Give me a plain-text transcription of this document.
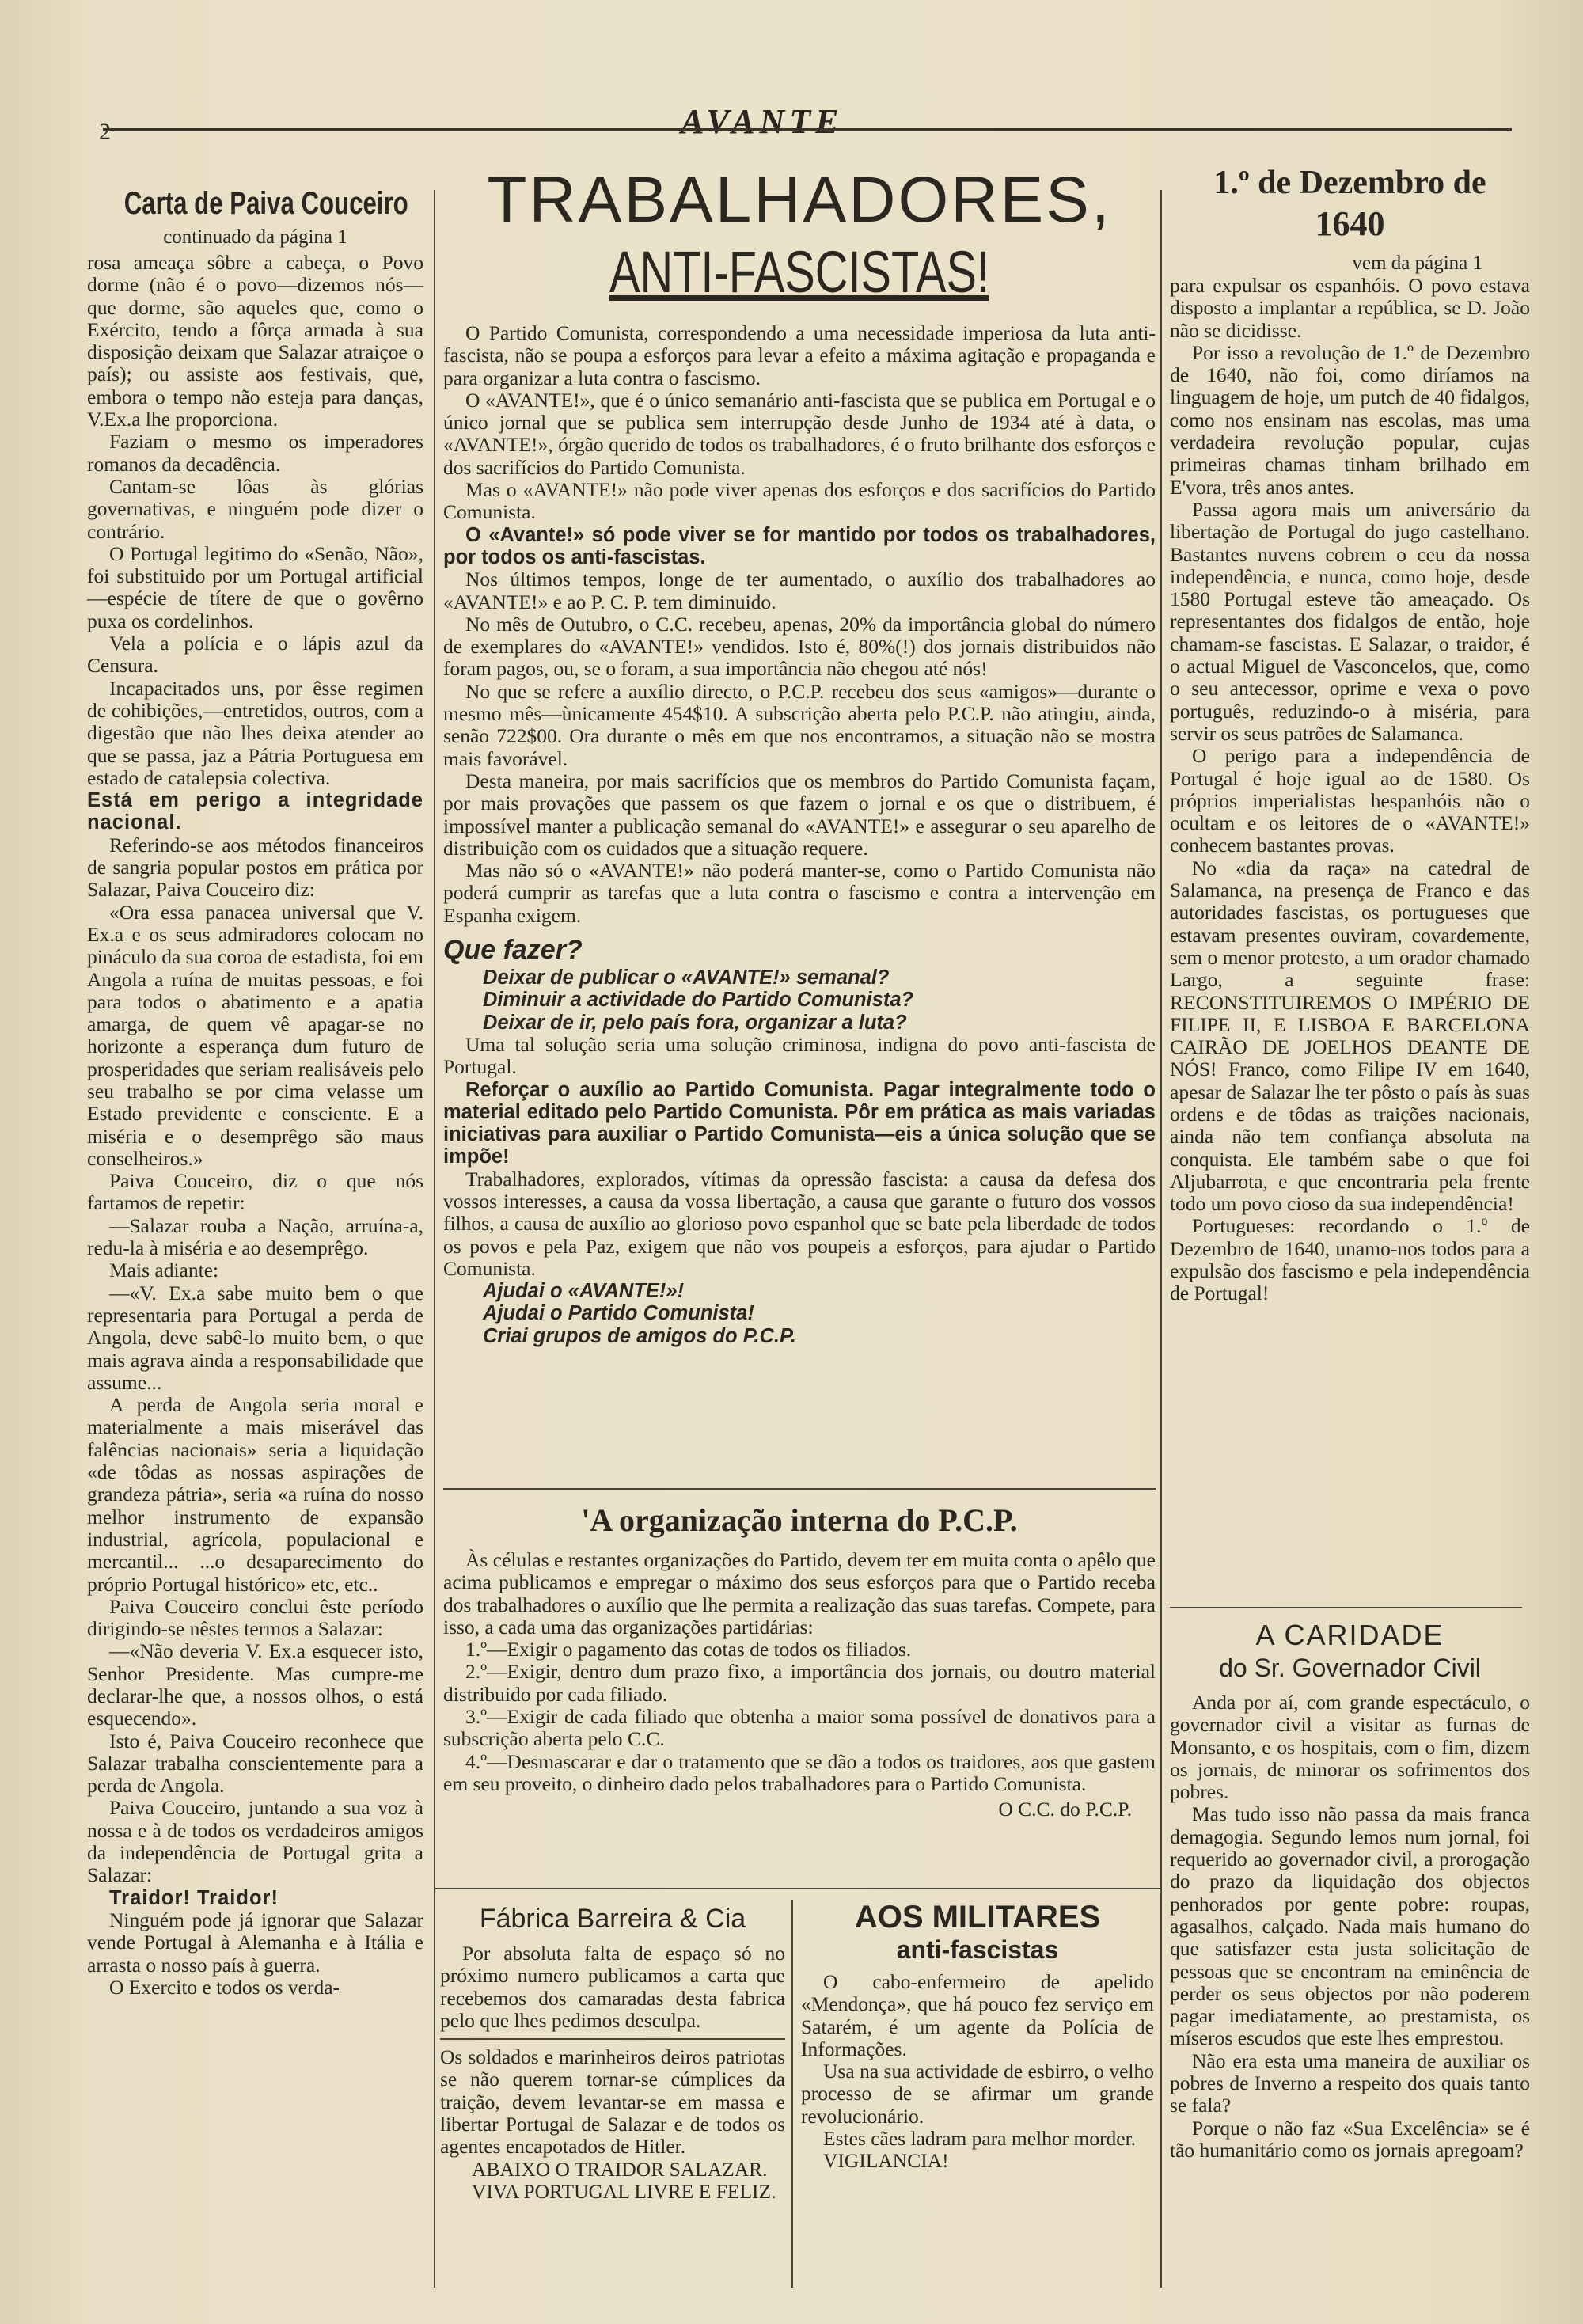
2	AVANTE
Carta de Paiva Couceiro
continuado da página 1

rosa ameaça sôbre a cabeça, o Povo dorme (não é o povo—dizemos nós—que dorme, são aqueles que, como o Exército, tendo a fôrça armada à sua disposição deixam que Salazar atraiçoe o país); ou assiste aos festivais, que, embora o tempo não esteja para danças, V.Ex.a lhe proporciona.

Faziam o mesmo os imperadores romanos da decadência.

Cantam-se lôas às glórias governativas, e ninguém pode dizer o contrário.

O Portugal legitimo do «Senão, Não», foi substituido por um Portugal artificial—espécie de títere de que o govêrno puxa os cordelinhos.

Vela a polícia e o lápis azul da Censura.

Incapacitados uns, por êsse regimen de cohibições,—entretidos, outros, com a digestão que não lhes deixa atender ao que se passa, jaz a Pátria Portuguesa em estado de catalepsia colectiva.

Está em perigo a integridade nacional.

Referindo-se aos métodos financeiros de sangria popular postos em prática por Salazar, Paiva Couceiro diz:

«Ora essa panacea universal que V. Ex.a e os seus admiradores colocam no pináculo da sua coroa de estadista, foi em Angola a ruína de muitas pessoas, e foi para todos o abatimento e a apatia amarga, de quem vê apagar-se no horizonte a esperança dum futuro de prosperidades que seriam realisáveis pelo seu trabalho se por cima velasse um Estado previdente e consciente. E a miséria e o desemprêgo são maus conselheiros.»

Paiva Couceiro, diz o que nós fartamos de repetir:

—Salazar rouba a Nação, arruína-a, redu-la à miséria e ao desemprêgo.

Mais adiante:

—«V. Ex.a sabe muito bem o que representaria para Portugal a perda de Angola, deve sabê-lo muito bem, o que mais agrava ainda a responsabilidade que assume...

A perda de Angola seria moral e materialmente a mais miserável das falências nacionais» seria a liquidação «de tôdas as nossas aspirações de grandeza pátria», seria «a ruína do nosso melhor instrumento de expansão industrial, agrícola, populacional e mercantil... ...o desaparecimento do próprio Portugal histórico» etc, etc..

Paiva Couceiro conclui êste período dirigindo-se nêstes termos a Salazar:

—«Não deveria V. Ex.a esquecer isto, Senhor Presidente. Mas cumpre-me declarar-lhe que, a nossos olhos, o está esquecendo».

Isto é, Paiva Couceiro reconhece que Salazar trabalha conscientemente para a perda de Angola.

Paiva Couceiro, juntando a sua voz à nossa e à de todos os verdadeiros amigos da independência de Portugal grita a Salazar:

Traidor! Traidor!

Ninguém pode já ignorar que Salazar vende Portugal à Alemanha e à Itália e arrasta o nosso país à guerra.

O Exercito e todos os verda-

TRABALHADORES,
ANTI-FASCISTAS!

O Partido Comunista, correspondendo a uma necessidade imperiosa da luta anti-fascista, não se poupa a esforços para levar a efeito a máxima agitação e propaganda e para organizar a luta contra o fascismo.

O «AVANTE!», que é o único semanário anti-fascista que se publica em Portugal e o único jornal que se publica sem interrupção desde Junho de 1934 até à data, o «AVANTE!», órgão querido de todos os trabalhadores, é o fruto brilhante dos esforços e dos sacrifícios do Partido Comunista.

Mas o «AVANTE!» não pode viver apenas dos esforços e dos sacrifícios do Partido Comunista.

O «Avante!» só pode viver se for mantido por todos os trabalhadores, por todos os anti-fascistas.

Nos últimos tempos, longe de ter aumentado, o auxílio dos trabalhadores ao «AVANTE!» e ao P. C. P. tem diminuido.

No mês de Outubro, o C.C. recebeu, apenas, 20% da importância global do número de exemplares do «AVANTE!» vendidos. Isto é, 80%(!) dos jornais distribuidos não foram pagos, ou, se o foram, a sua importância não chegou até nós!

No que se refere a auxílio directo, o P.C.P. recebeu dos seus «amigos»—durante o mesmo mês—ùnicamente 454$10. A subscrição aberta pelo P.C.P. não atingiu, ainda, senão 722$00. Ora durante o mês em que nos encontramos, a situação não se mostra mais favorável.

Desta maneira, por mais sacrifícios que os membros do Partido Comunista façam, por mais provações que passem os que fazem o jornal e os que o distribuem, é impossível manter a publicação semanal do «AVANTE!» e assegurar o seu aparelho de distribuição com os cuidados que a situação requere.

Mas não só o «AVANTE!» não poderá manter-se, como o Partido Comunista não poderá cumprir as tarefas que a luta contra o fascismo e contra a intervenção em Espanha exigem.

Que fazer?

Deixar de publicar o «AVANTE!» semanal?

Diminuir a actividade do Partido Comunista?

Deixar de ir, pelo país fora, organizar a luta?

Uma tal solução seria uma solução criminosa, indigna do povo anti-fascista de Portugal.

Reforçar o auxílio ao Partido Comunista. Pagar integralmente todo o material editado pelo Partido Comunista. Pôr em prática as mais variadas iniciativas para auxiliar o Partido Comunista—eis a única solução que se impõe!

Trabalhadores, explorados, vítimas da opressão fascista: a causa da defesa dos vossos interesses, a causa da vossa libertação, a causa que garante o futuro dos vossos filhos, a causa de auxílio ao glorioso povo espanhol que se bate pela liberdade de todos os povos e pela Paz, exigem que não vos poupeis a esforços, para ajudar o Partido Comunista.

Ajudai o «AVANTE!»!

Ajudai o Partido Comunista!

Criai grupos de amigos do P.C.P.

'A organização interna do P.C.P.

Às células e restantes organizações do Partido, devem ter em muita conta o apêlo que acima publicamos e empregar o máximo dos seus esforços para que o Partido receba dos trabalhadores o auxílio que lhe permita a realização das suas tarefas. Compete, para isso, a cada uma das organizações partidárias:

1.º—Exigir o pagamento das cotas de todos os filiados.

2.º—Exigir, dentro dum prazo fixo, a importância dos jornais, ou doutro material distribuido por cada filiado.

3.º—Exigir de cada filiado que obtenha a maior soma possível de donativos para a subscrição aberta pelo C.C.

4.º—Desmascarar e dar o tratamento que se dão a todos os traidores, aos que gastem em seu proveito, o dinheiro dado pelos trabalhadores para o Partido Comunista.

O C.C. do P.C.P.

Fábrica Barreira & Cia

Por absoluta falta de espaço só no próximo numero publicamos a carta que recebemos dos camaradas desta fabrica pelo que lhes pedimos desculpa.

Os soldados e marinheiros deiros patriotas se não querem tornar-se cúmplices da traição, devem levantar-se em massa e libertar Portugal de Salazar e de todos os agentes encapotados de Hitler.

ABAIXO O TRAIDOR SALAZAR.

VIVA PORTUGAL LIVRE E FELIZ.

AOS MILITARES
anti-fascistas

O cabo-enfermeiro de apelido «Mendonça», que há pouco fez serviço em Satarém, é um agente da Polícia de Informações.

Usa na sua actividade de esbirro, o velho processo de se afirmar um grande revolucionário.

Estes cães ladram para melhor morder.

VIGILANCIA!

1.º de Dezembro de
1640
vem da página 1

para expulsar os espanhóis. O povo estava disposto a implantar a república, se D. João não se dicidisse.

Por isso a revolução de 1.º de Dezembro de 1640, não foi, como diríamos na linguagem de hoje, um putch de 40 fidalgos, como nos ensinam nas escolas, mas uma verdadeira revolução popular, cujas primeiras chamas tinham brilhado em E'vora, três anos antes.

Passa agora mais um aniversário da libertação de Portugal do jugo castelhano. Bastantes nuvens cobrem o ceu da nossa independência, e nunca, como hoje, desde 1580 Portugal esteve tão ameaçado. Os representantes dos fidalgos de então, hoje chamam-se fascistas. E Salazar, o traidor, é o actual Miguel de Vasconcelos, que, como o seu antecessor, oprime e vexa o povo português, reduzindo-o à miséria, para servir os seus patrões de Salamanca.

O perigo para a independência de Portugal é hoje igual ao de 1580. Os próprios imperialistas hespanhóis não o ocultam e os leitores de o «AVANTE!» conhecem bastantes provas.

No «dia da raça» na catedral de Salamanca, na presença de Franco e das autoridades fascistas, os portugueses que estavam presentes ouviram, covardemente, sem o menor protesto, a um orador chamado Largo, a seguinte frase: RECONSTITUIREMOS O IMPÉRIO DE FILIPE II, E LISBOA E BARCELONA CAIRÃO DE JOELHOS DEANTE DE NÓS! Franco, como Filipe IV em 1640, apesar de Salazar lhe ter pôsto o país às suas ordens e de tôdas as traições nacionais, ainda não tem confiança absoluta na conquista. Ele também sabe o que foi Aljubarrota, e que encontraria pela frente todo um povo cioso da sua independência!

Portugueses: recordando o 1.º de Dezembro de 1640, unamo-nos todos para a expulsão dos fascismo e pela independência de Portugal!

A CARIDADE
do Sr. Governador Civil

Anda por aí, com grande espectáculo, o governador civil a visitar as furnas de Monsanto, e os hospitais, com o fim, dizem os jornais, de minorar os sofrimentos dos pobres.

Mas tudo isso não passa da mais franca demagogia. Segundo lemos num jornal, foi requerido ao governador civil, a prorogação do prazo da liquidação dos objectos penhorados por gente pobre: roupas, agasalhos, calçado. Nada mais humano do que satisfazer esta justa solicitação de pessoas que se encontram na eminência de perder os seus objectos por não poderem pagar imediatamente, ao prestamista, os míseros escudos que este lhes emprestou.

Não era esta uma maneira de auxiliar os pobres de Inverno a respeito dos quais tanto se fala?

Porque o não faz «Sua Excelência» se é tão humanitário como os jornais apregoam?
